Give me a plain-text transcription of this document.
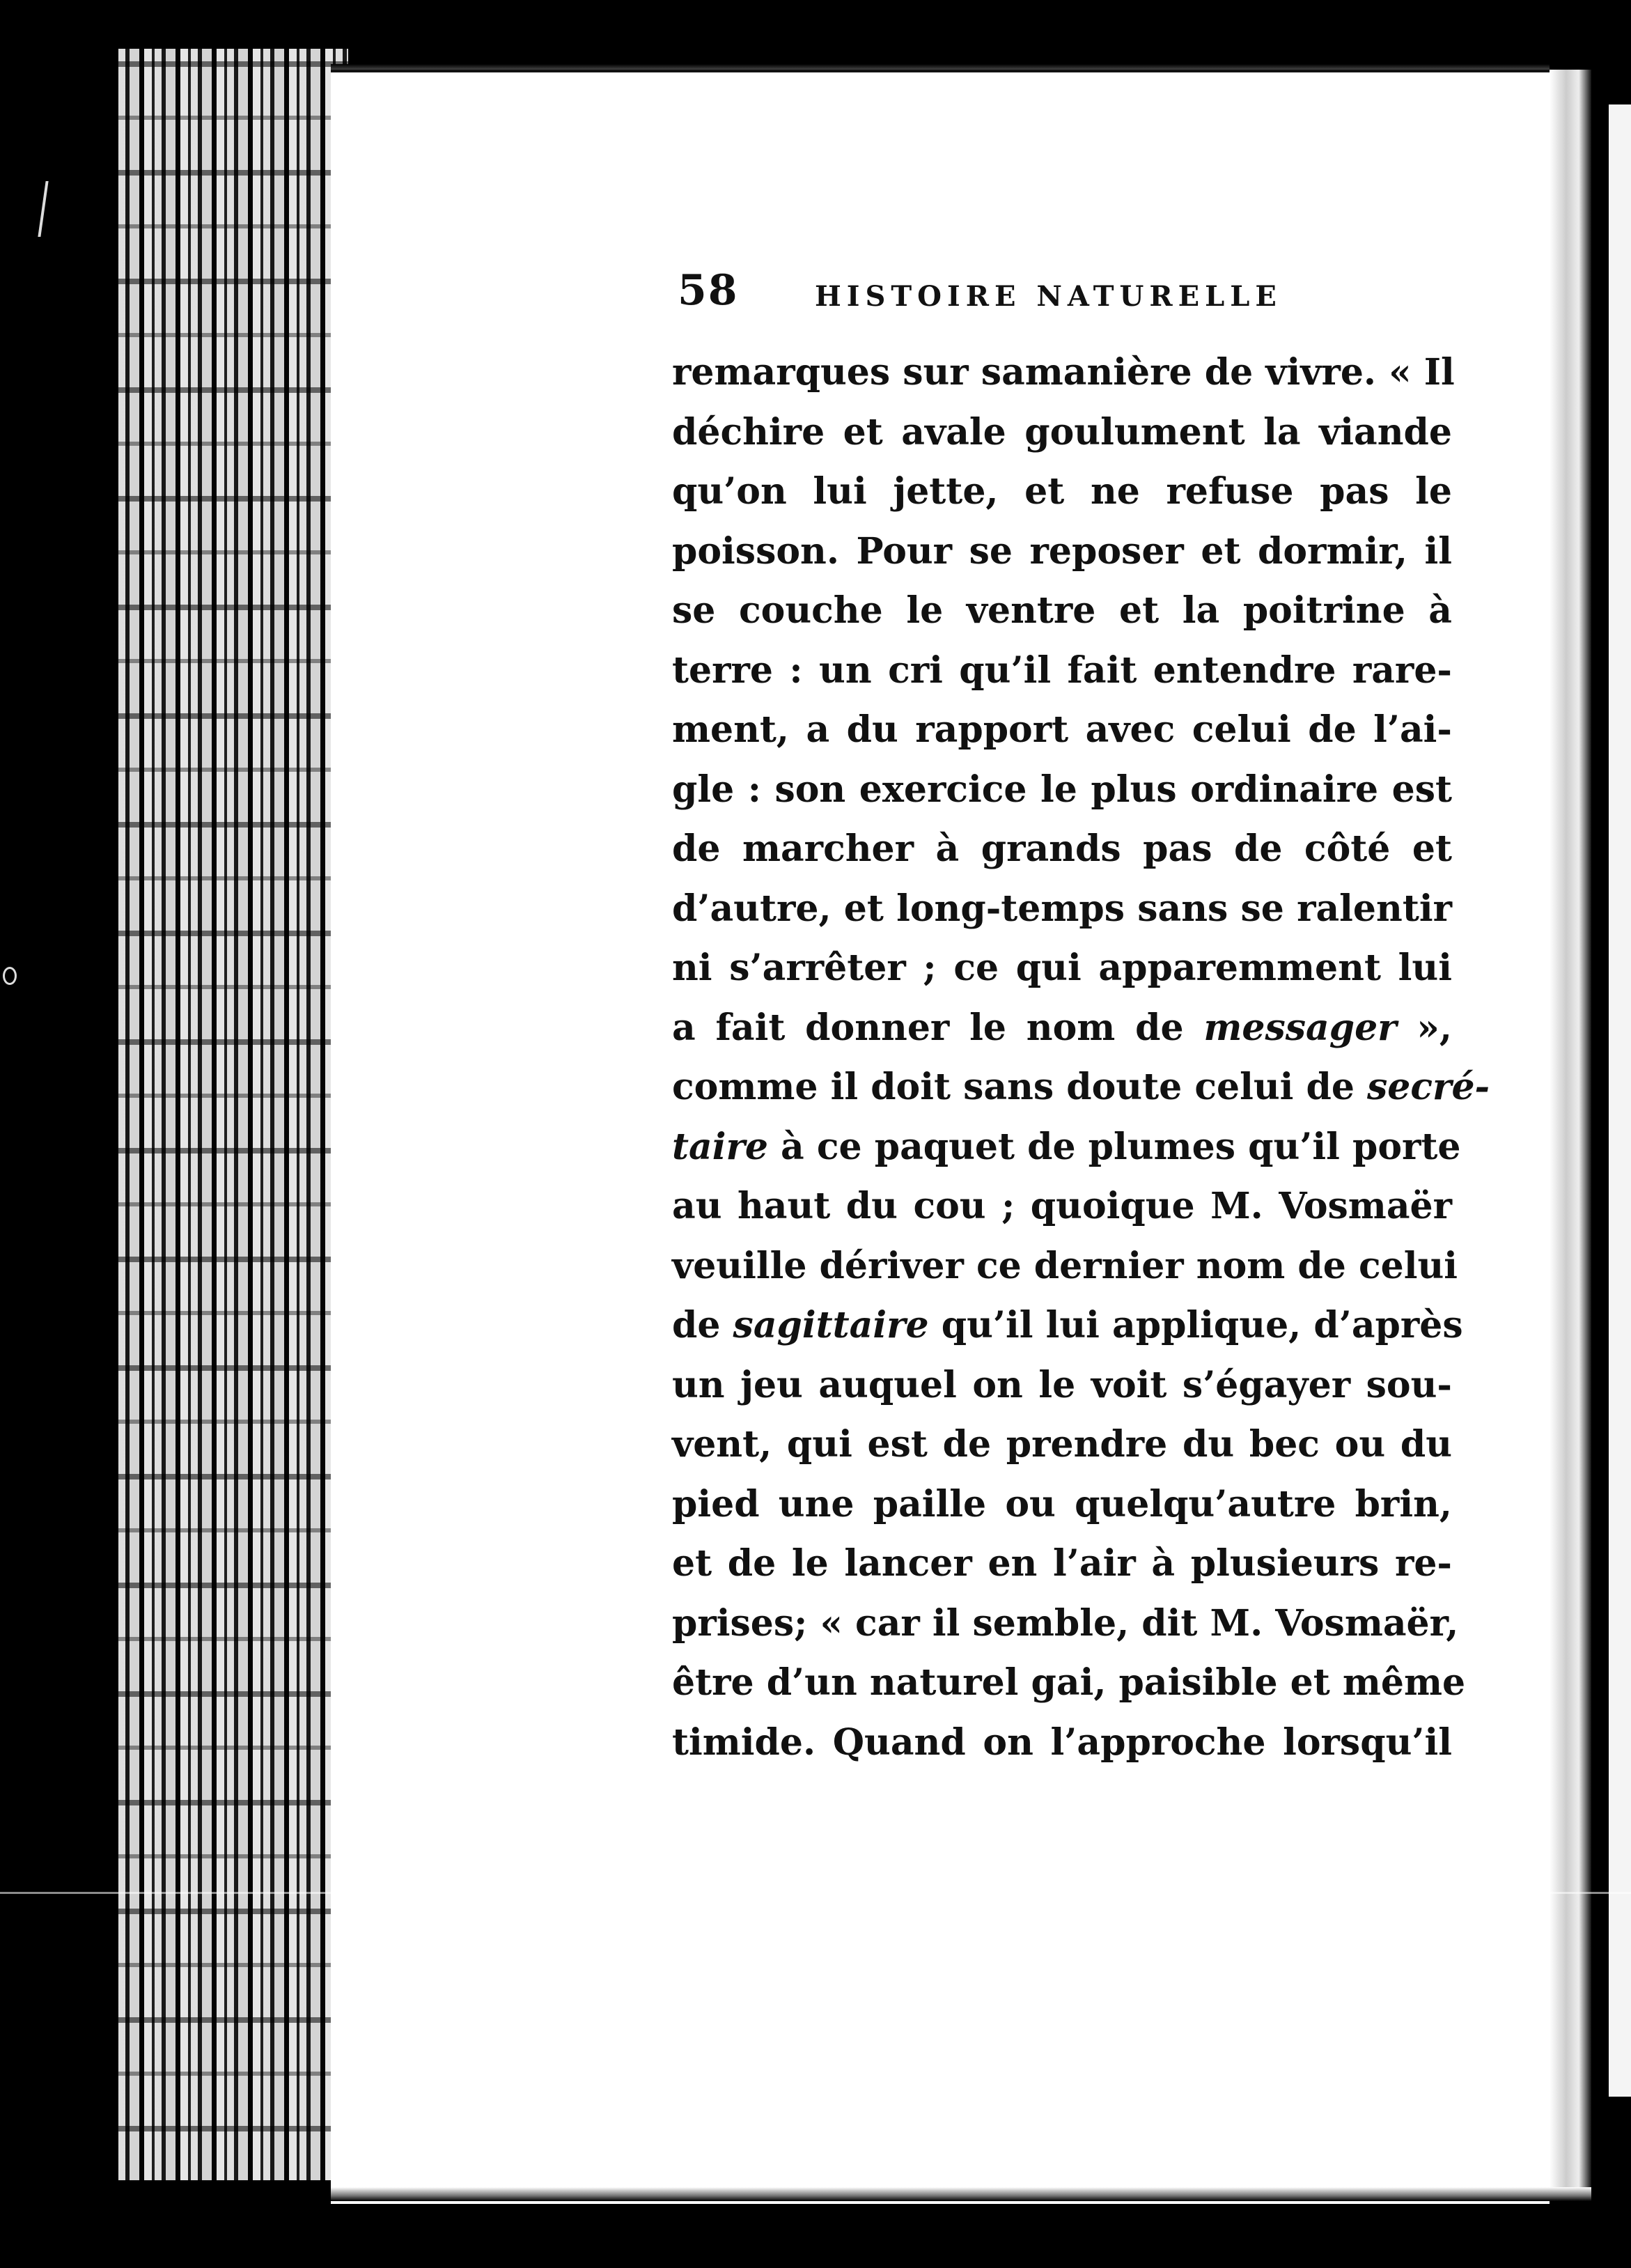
58	HISTOIRE NATURELLE
remarques sur samanière de vivre. « Il
déchire et avale goulument la viande
qu’on lui jette, et ne refuse pas le
poisson. Pour se reposer et dormir, il
se couche le ventre et la poitrine à
terre : un cri qu’il fait entendre rare-
ment, a du rapport avec celui de l’ai-
gle : son exercice le plus ordinaire est
de marcher à grands pas de côté et
d’autre, et long-temps sans se ralentir
ni s’arrêter ; ce qui apparemment lui
a fait donner le nom de messager »,
comme il doit sans doute celui de secré-
taire à ce paquet de plumes qu’il porte
au haut du cou ; quoique M. Vosmaër
veuille dériver ce dernier nom de celui
de sagittaire qu’il lui applique, d’après
un jeu auquel on le voit s’égayer sou-
vent, qui est de prendre du bec ou du
pied une paille ou quelqu’autre brin,
et de le lancer en l’air à plusieurs re-
prises; « car il semble, dit M. Vosmaër,
être d’un naturel gai, paisible et même
timide. Quand on l’approche lorsqu’il
